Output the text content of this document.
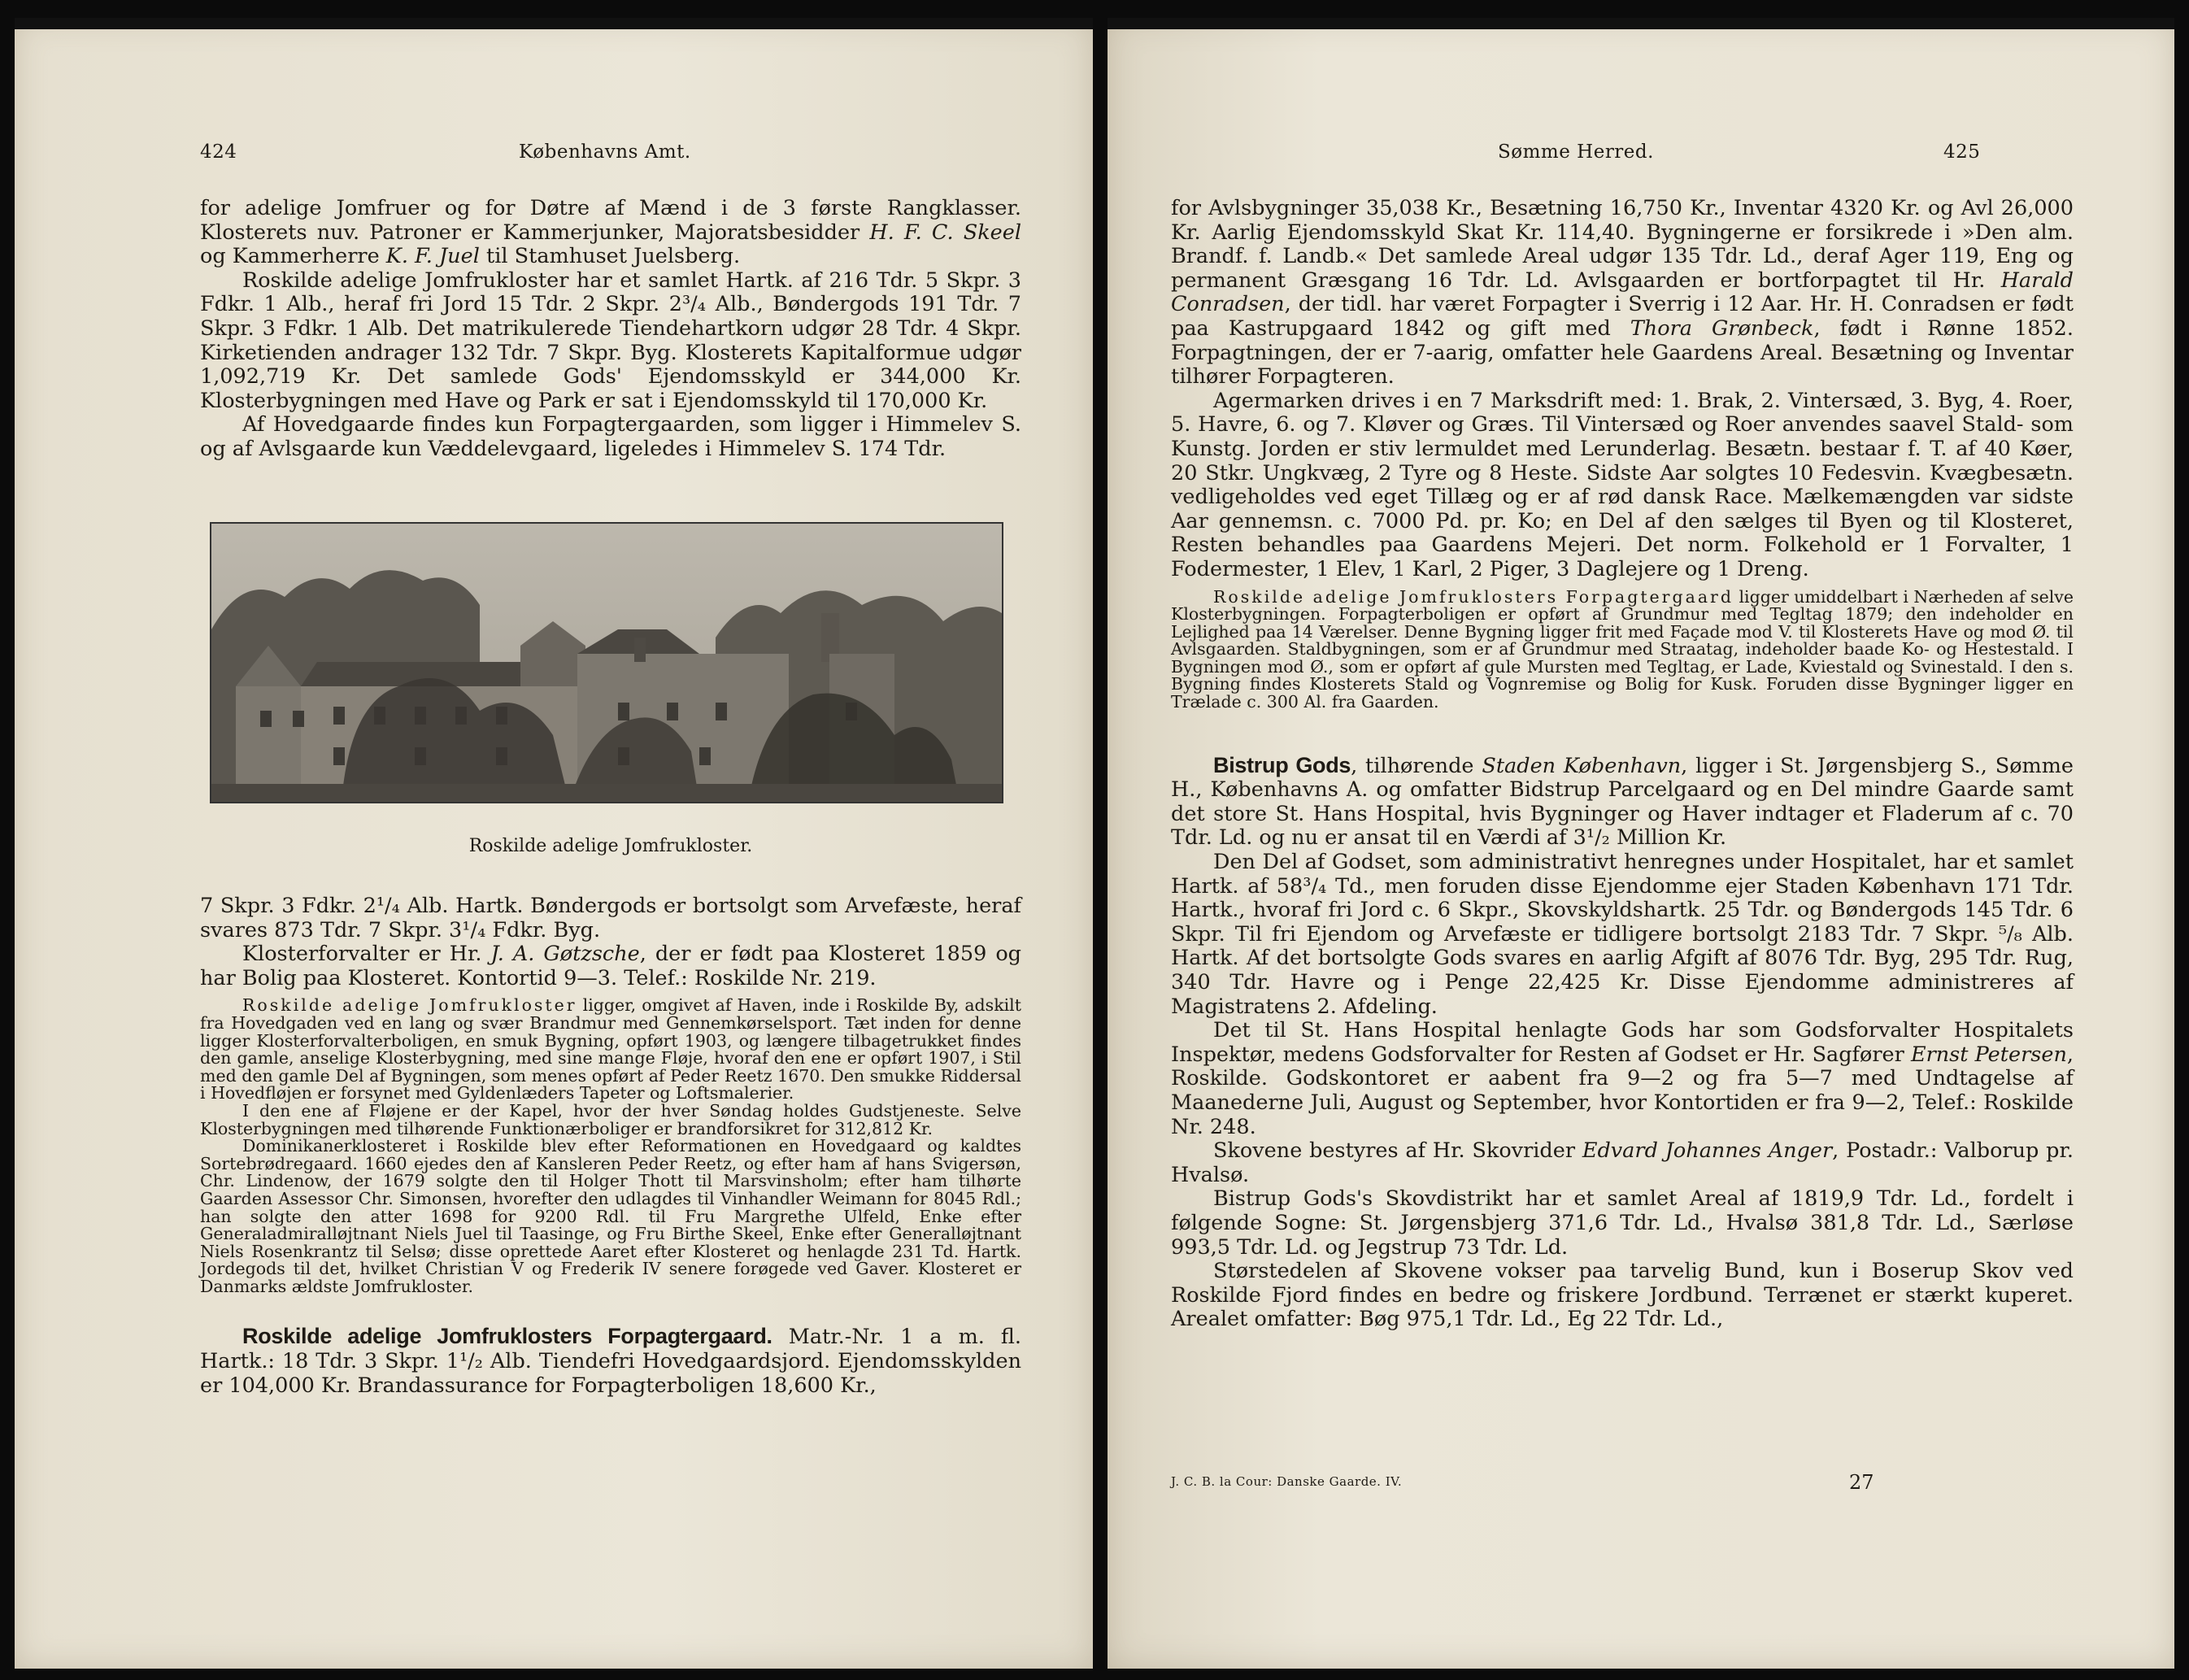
424	Københavns Amt.

for adelige Jomfruer og for Døtre af Mænd i de 3 første Rangklasser. Klosterets nuv. Patroner er Kammerjunker, Majoratsbesidder H. F. C. Skeel og Kammerherre K. F. Juel til Stamhuset Juelsberg.

Roskilde adelige Jomfrukloster har et samlet Hartk. af 216 Tdr. 5 Skpr. 3 Fdkr. 1 Alb., heraf fri Jord 15 Tdr. 2 Skpr. 2³/₄ Alb., Bøndergods 191 Tdr. 7 Skpr. 3 Fdkr. 1 Alb. Det matrikulerede Tiendehartkorn udgør 28 Tdr. 4 Skpr. Kirketienden andrager 132 Tdr. 7 Skpr. Byg. Klosterets Kapitalformue udgør 1,092,719 Kr. Det samlede Gods' Ejendomsskyld er 344,000 Kr. Klosterbygningen med Have og Park er sat i Ejendomsskyld til 170,000 Kr.

Af Hovedgaarde findes kun Forpagtergaarden, som ligger i Himmelev S. og af Avlsgaarde kun Væddelevgaard, ligeledes i Himmelev S. 174 Tdr.

Roskilde adelige Jomfrukloster.

7 Skpr. 3 Fdkr. 2¹/₄ Alb. Hartk. Bøndergods er bortsolgt som Arvefæste, heraf svares 873 Tdr. 7 Skpr. 3¹/₄ Fdkr. Byg.

Klosterforvalter er Hr. J. A. Gøtzsche, der er født paa Klosteret 1859 og har Bolig paa Klosteret. Kontortid 9—3. Telef.: Roskilde Nr. 219.

Roskilde adelige Jomfrukloster ligger, omgivet af Haven, inde i Roskilde By, adskilt fra Hovedgaden ved en lang og svær Brandmur med Gennemkørselsport. Tæt inden for denne ligger Klosterforvalterboligen, en smuk Bygning, opført 1903, og længere tilbagetrukket findes den gamle, anselige Klosterbygning, med sine mange Fløje, hvoraf den ene er opført 1907, i Stil med den gamle Del af Bygningen, som menes opført af Peder Reetz 1670. Den smukke Riddersal i Hovedfløjen er forsynet med Gyldenlæders Tapeter og Loftsmalerier.

I den ene af Fløjene er der Kapel, hvor der hver Søndag holdes Gudstjeneste. Selve Klosterbygningen med tilhørende Funktionærboliger er brandforsikret for 312,812 Kr.

Dominikanerklosteret i Roskilde blev efter Reformationen en Hovedgaard og kaldtes Sortebrødregaard. 1660 ejedes den af Kansleren Peder Reetz, og efter ham af hans Svigersøn, Chr. Lindenow, der 1679 solgte den til Holger Thott til Marsvinsholm; efter ham tilhørte Gaarden Assessor Chr. Simonsen, hvorefter den udlagdes til Vinhandler Weimann for 8045 Rdl.; han solgte den atter 1698 for 9200 Rdl. til Fru Margrethe Ulfeld, Enke efter Generaladmiralløjtnant Niels Juel til Taasinge, og Fru Birthe Skeel, Enke efter Generalløjtnant Niels Rosenkrantz til Selsø; disse oprettede Aaret efter Klosteret og henlagde 231 Td. Hartk. Jordegods til det, hvilket Christian V og Frederik IV senere forøgede ved Gaver. Klosteret er Danmarks ældste Jomfrukloster.

Roskilde adelige Jomfruklosters Forpagtergaard. Matr.-Nr. 1 a m. fl. Hartk.: 18 Tdr. 3 Skpr. 1¹/₂ Alb. Tiendefri Hovedgaardsjord. Ejendomsskylden er 104,000 Kr. Brandassurance for Forpagterboligen 18,600 Kr.,

Sømme Herred.	425

for Avlsbygninger 35,038 Kr., Besætning 16,750 Kr., Inventar 4320 Kr. og Avl 26,000 Kr. Aarlig Ejendomsskyld Skat Kr. 114,40. Bygningerne er forsikrede i »Den alm. Brandf. f. Landb.« Det samlede Areal udgør 135 Tdr. Ld., deraf Ager 119, Eng og permanent Græsgang 16 Tdr. Ld. Avlsgaarden er bortforpagtet til Hr. Harald Conradsen, der tidl. har været Forpagter i Sverrig i 12 Aar. Hr. H. Conradsen er født paa Kastrupgaard 1842 og gift med Thora Grønbeck, født i Rønne 1852. Forpagtningen, der er 7-aarig, omfatter hele Gaardens Areal. Besætning og Inventar tilhører Forpagteren.

Agermarken drives i en 7 Marksdrift med: 1. Brak, 2. Vintersæd, 3. Byg, 4. Roer, 5. Havre, 6. og 7. Kløver og Græs. Til Vintersæd og Roer anvendes saavel Stald- som Kunstg. Jorden er stiv lermuldet med Lerunderlag. Besætn. bestaar f. T. af 40 Køer, 20 Stkr. Ungkvæg, 2 Tyre og 8 Heste. Sidste Aar solgtes 10 Fedesvin. Kvægbesætn. vedligeholdes ved eget Tillæg og er af rød dansk Race. Mælkemængden var sidste Aar gennemsn. c. 7000 Pd. pr. Ko; en Del af den sælges til Byen og til Klosteret, Resten behandles paa Gaardens Mejeri. Det norm. Folkehold er 1 Forvalter, 1 Fodermester, 1 Elev, 1 Karl, 2 Piger, 3 Daglejere og 1 Dreng.

Roskilde adelige Jomfruklosters Forpagtergaard ligger umiddelbart i Nærheden af selve Klosterbygningen. Forpagterboligen er opført af Grundmur med Tegltag 1879; den indeholder en Lejlighed paa 14 Værelser. Denne Bygning ligger frit med Façade mod V. til Klosterets Have og mod Ø. til Avlsgaarden. Staldbygningen, som er af Grundmur med Straatag, indeholder baade Ko- og Hestestald. I Bygningen mod Ø., som er opført af gule Mursten med Tegltag, er Lade, Kviestald og Svinestald. I den s. Bygning findes Klosterets Stald og Vognremise og Bolig for Kusk. Foruden disse Bygninger ligger en Trælade c. 300 Al. fra Gaarden.

Bistrup Gods, tilhørende Staden København, ligger i St. Jørgensbjerg S., Sømme H., Københavns A. og omfatter Bidstrup Parcelgaard og en Del mindre Gaarde samt det store St. Hans Hospital, hvis Bygninger og Haver indtager et Fladerum af c. 70 Tdr. Ld. og nu er ansat til en Værdi af 3¹/₂ Million Kr.

Den Del af Godset, som administrativt henregnes under Hospitalet, har et samlet Hartk. af 58³/₄ Td., men foruden disse Ejendomme ejer Staden København 171 Tdr. Hartk., hvoraf fri Jord c. 6 Skpr., Skovskyldshartk. 25 Tdr. og Bøndergods 145 Tdr. 6 Skpr. Til fri Ejendom og Arvefæste er tidligere bortsolgt 2183 Tdr. 7 Skpr. ⁵/₈ Alb. Hartk. Af det bortsolgte Gods svares en aarlig Afgift af 8076 Tdr. Byg, 295 Tdr. Rug, 340 Tdr. Havre og i Penge 22,425 Kr. Disse Ejendomme administreres af Magistratens 2. Afdeling.

Det til St. Hans Hospital henlagte Gods har som Godsforvalter Hospitalets Inspektør, medens Godsforvalter for Resten af Godset er Hr. Sagfører Ernst Petersen, Roskilde. Godskontoret er aabent fra 9—2 og fra 5—7 med Undtagelse af Maanederne Juli, August og September, hvor Kontortiden er fra 9—2, Telef.: Roskilde Nr. 248.

Skovene bestyres af Hr. Skovrider Edvard Johannes Anger, Postadr.: Valborup pr. Hvalsø.

Bistrup Gods's Skovdistrikt har et samlet Areal af 1819,9 Tdr. Ld., fordelt i følgende Sogne: St. Jørgensbjerg 371,6 Tdr. Ld., Hvalsø 381,8 Tdr. Ld., Særløse 993,5 Tdr. Ld. og Jegstrup 73 Tdr. Ld.

Størstedelen af Skovene vokser paa tarvelig Bund, kun i Boserup Skov ved Roskilde Fjord findes en bedre og friskere Jordbund. Terrænet er stærkt kuperet. Arealet omfatter: Bøg 975,1 Tdr. Ld., Eg 22 Tdr. Ld.,

J. C. B. la Cour: Danske Gaarde. IV.	27
